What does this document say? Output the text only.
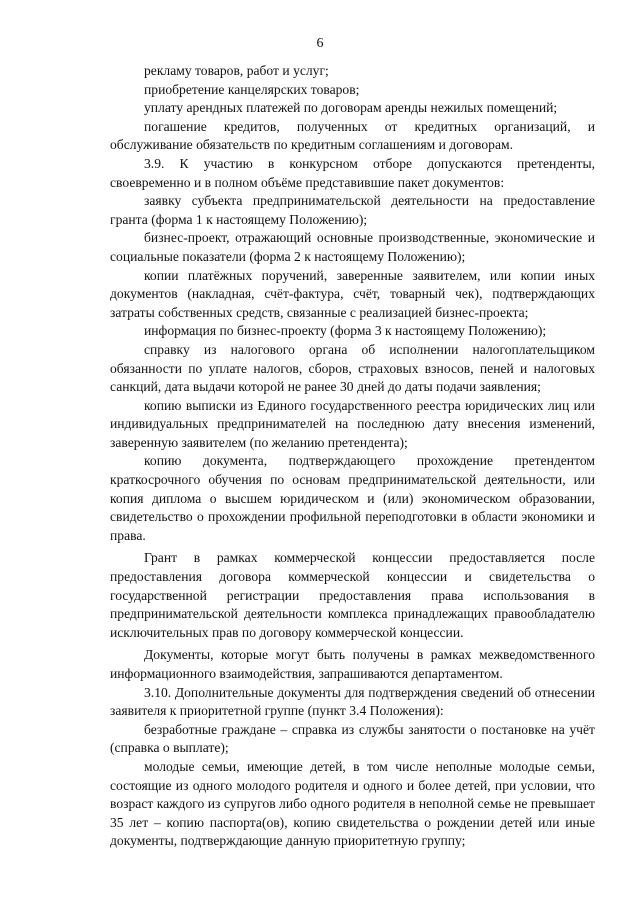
6

рекламу товаров, работ и услуг;

приобретение канцелярских товаров;

уплату арендных платежей по договорам аренды нежилых помещений;

погашение кредитов, полученных от кредитных организаций, и обслуживание обязательств по кредитным соглашениям и договорам.

3.9. К участию в конкурсном отборе допускаются претенденты, своевременно и в полном объёме представившие пакет документов:

заявку субъекта предпринимательской деятельности на предоставление гранта (форма 1 к настоящему Положению);

бизнес-проект, отражающий основные производственные, экономические и социальные показатели (форма 2 к настоящему Положению);

копии платёжных поручений, заверенные заявителем, или копии иных документов (накладная, счёт-фактура, счёт, товарный чек), подтверждающих затраты собственных средств, связанные с реализацией бизнес-проекта;

информация по бизнес-проекту (форма 3 к настоящему Положению);

справку из налогового органа об исполнении налогоплательщиком обязанности по уплате налогов, сборов, страховых взносов, пеней и налоговых санкций, дата выдачи которой не ранее 30 дней до даты подачи заявления;

копию выписки из Единого государственного реестра юридических лиц или индивидуальных предпринимателей на последнюю дату внесения изменений, заверенную заявителем (по желанию претендента);

копию документа, подтверждающего прохождение претендентом краткосрочного обучения по основам предпринимательской деятельности, или копия диплома о высшем юридическом и (или) экономическом образовании, свидетельство о прохождении профильной переподготовки в области экономики и права.

Грант в рамках коммерческой концессии предоставляется после предоставления договора коммерческой концессии и свидетельства о государственной регистрации предоставления права использования в предпринимательской деятельности комплекса принадлежащих правообладателю исключительных прав по договору коммерческой концессии.

Документы, которые могут быть получены в рамках межведомственного информационного взаимодействия, запрашиваются департаментом.

3.10. Дополнительные документы для подтверждения сведений об отнесении заявителя к приоритетной группе (пункт 3.4 Положения):

безработные граждане – справка из службы занятости о постановке на учёт (справка о выплате);

молодые семьи, имеющие детей, в том числе неполные молодые семьи, состоящие из одного молодого родителя и одного и более детей, при условии, что возраст каждого из супругов либо одного родителя в неполной семье не превышает 35 лет – копию паспорта(ов), копию свидетельства о рождении детей или иные документы, подтверждающие данную приоритетную группу;
